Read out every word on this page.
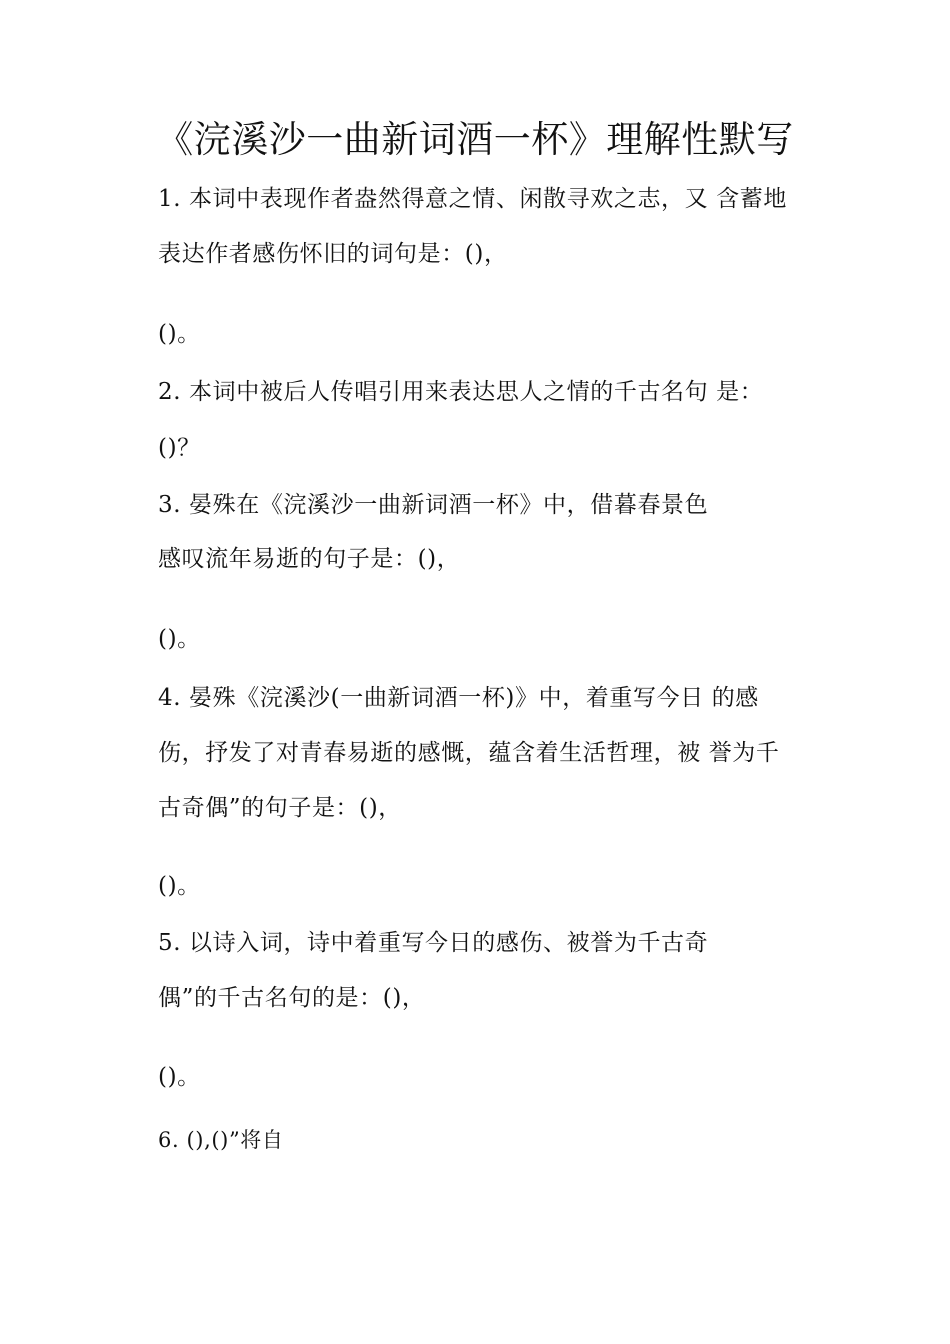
《浣溪沙一曲新词酒一杯》理解性默写
1. 本词中表现作者盎然得意之情、闲散寻欢之志，又 含蓄地
表达作者感伤怀旧的词句是：()，
()。
2. 本词中被后人传唱引用来表达思人之情的千古名句 是：
()？
3. 晏殊在《浣溪沙一曲新词酒一杯》中，借暮春景色
感叹流年易逝的句子是：()，
()。
4. 晏殊《浣溪沙(一曲新词酒一杯)》中，着重写今日 的感
伤，抒发了对青春易逝的感慨，蕴含着生活哲理，被 誉为千
古奇偶”的句子是：()，
()。
5. 以诗入词，诗中着重写今日的感伤、被誉为千古奇
偶”的千古名句的是：()，
()。
6. (),()”将自
